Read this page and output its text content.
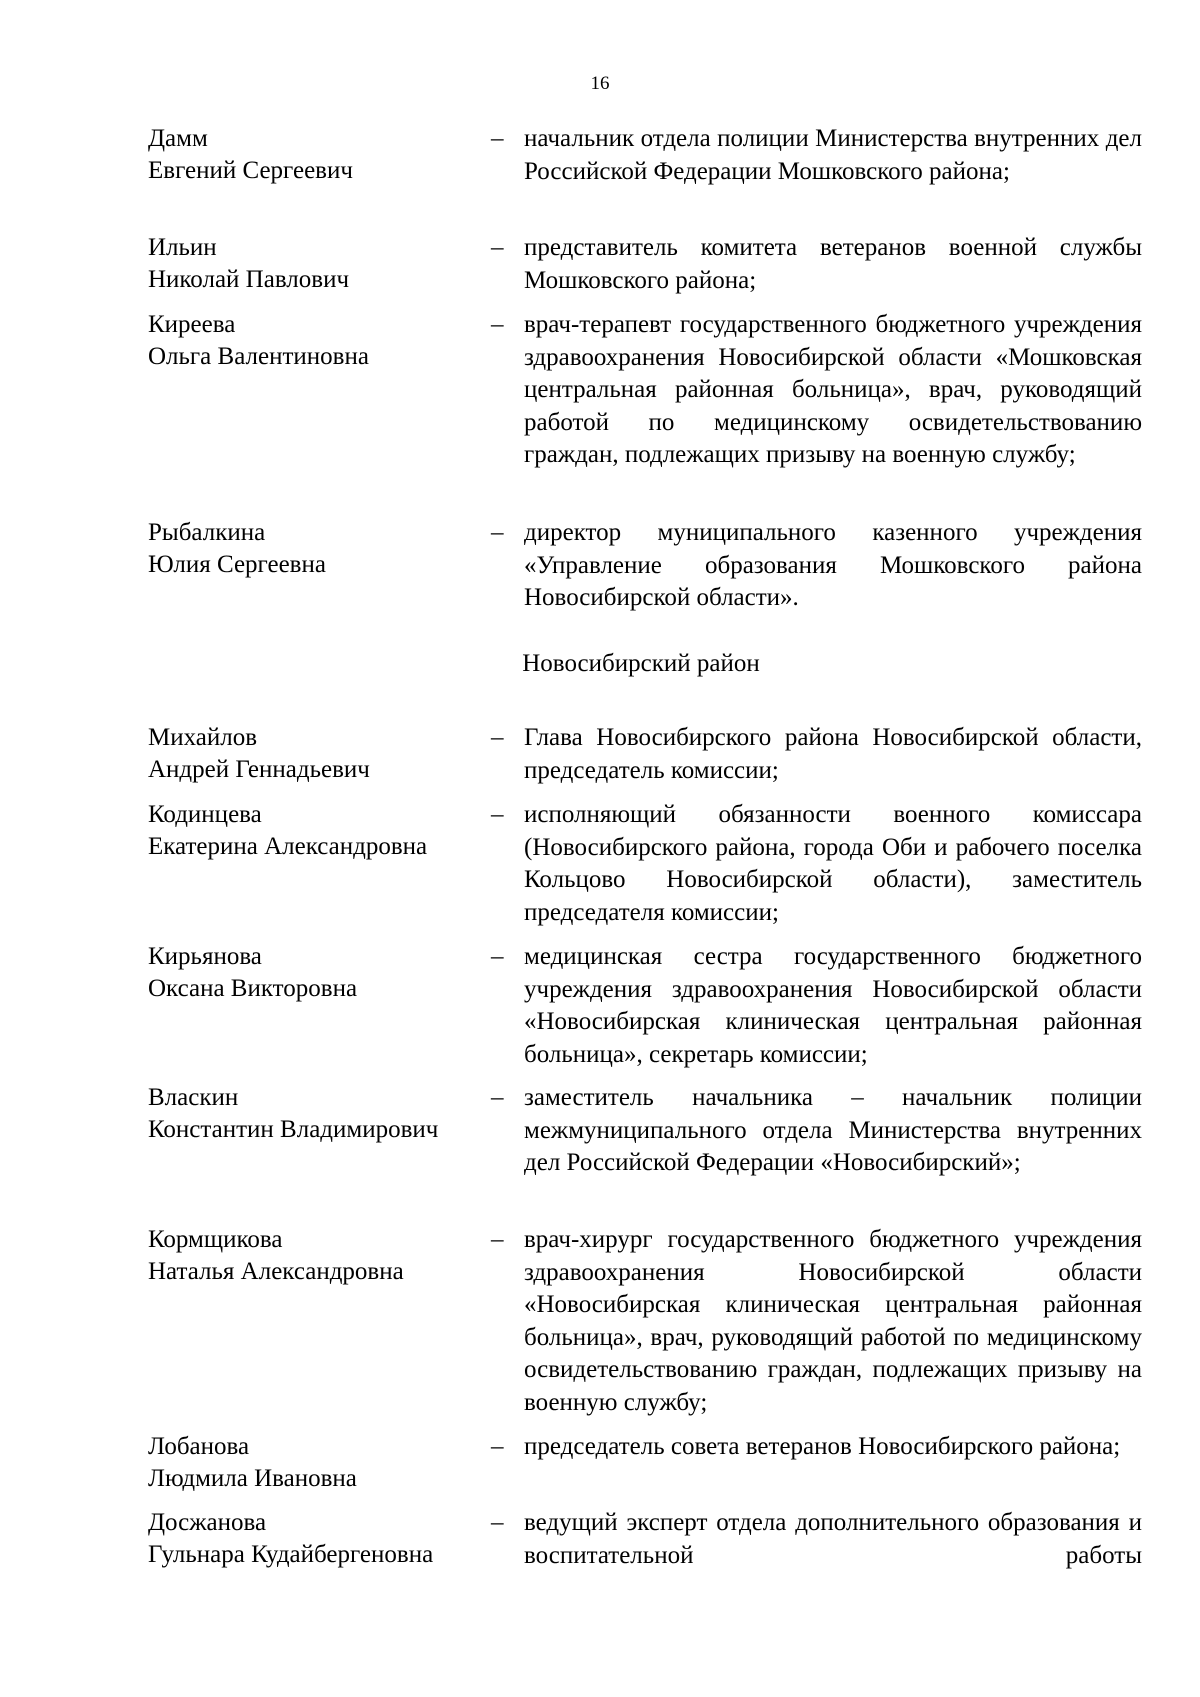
16
Дамм
Евгений Сергеевич
– начальник отдела полиции Министерства внутренних дел Российской Федерации Мошковского района;
Ильин
Николай Павлович
– представитель комитета ветеранов военной службы Мошковского района;
Киреева
Ольга Валентиновна
– врач-терапевт государственного бюджетного учреждения здравоохранения Новосибирской области «Мошковская центральная районная больница», врач, руководящий работой по медицинскому освидетельствованию граждан, подлежащих призыву на военную службу;
Рыбалкина
Юлия Сергеевна
– директор муниципального казенного учреждения «Управление образования Мошковского района Новосибирской области».
Новосибирский район
Михайлов
Андрей Геннадьевич
– Глава Новосибирского района Новосибирской области, председатель комиссии;
Кодинцева
Екатерина Александровна
– исполняющий обязанности военного комиссара (Новосибирского района, города Оби и рабочего поселка Кольцово Новосибирской области), заместитель председателя комиссии;
Кирьянова
Оксана Викторовна
– медицинская сестра государственного бюджетного учреждения здравоохранения Новосибирской области «Новосибирская клиническая центральная районная больница», секретарь комиссии;
Власкин
Константин Владимирович
– заместитель начальника – начальник полиции межмуниципального отдела Министерства внутренних дел Российской Федерации «Новосибирский»;
Кормщикова
Наталья Александровна
– врач-хирург государственного бюджетного учреждения здравоохранения Новосибирской области «Новосибирская клиническая центральная районная больница», врач, руководящий работой по медицинскому освидетельствованию граждан, подлежащих призыву на военную службу;
Лобанова
Людмила Ивановна
– председатель совета ветеранов Новосибирского района;
Досжанова
Гульнара Кудайбергеновна
– ведущий эксперт отдела дополнительного образования и воспитательной работы
